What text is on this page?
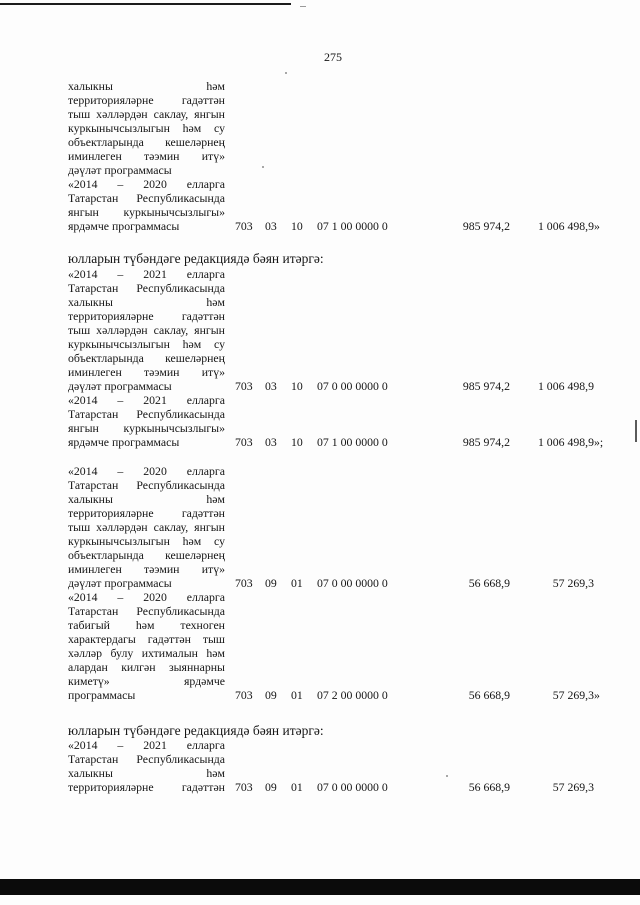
275
халыкны һәм
территорияләрне гадәттән
тыш хәлләрдән саклау, янгын
куркынычсызлыгын һәм су
объектларында кешеләрнең
иминлеген тәэмин итү»
дәүләт программасы
«2014 – 2020 елларга
Татарстан Республикасында
янгын куркынычсызлыгы»
ярдәмче программасы	703 03 10 07 1 00 0000 0	985 974,2	1 006 498,9 »
юлларын түбәндәге редакциядә бәян итәргә:
«2014 – 2021 елларга
Татарстан Республикасында
халыкны һәм
территорияләрне гадәттән
тыш хәлләрдән саклау, янгын
куркынычсызлыгын һәм су
объектларында кешеләрнең
иминлеген тәэмин итү»
дәүләт программасы	703 03 10 07 0 00 0000 0	985 974,2	1 006 498,9
«2014 – 2021 елларга
Татарстан Республикасында
янгын куркынычсызлыгы»
ярдәмче программасы	703 03 10 07 1 00 0000 0	985 974,2	1 006 498,9 »;
«2014 – 2020 елларга
Татарстан Республикасында
халыкны һәм
территорияләрне гадәттән
тыш хәлләрдән саклау, янгын
куркынычсызлыгын һәм су
объектларында кешеләрнең
иминлеген тәэмин итү»
дәүләт программасы	703 09 01 07 0 00 0000 0	56 668,9	57 269,3
«2014 – 2020 елларга
Татарстан Республикасында
табигый һәм техноген
характердагы гадәттән тыш
хәлләр булу ихтималын һәм
алардан килгән зыяннарны
киметү» ярдәмче
программасы	703 09 01 07 2 00 0000 0	56 668,9	57 269,3 »
юлларын түбәндәге редакциядә бәян итәргә:
«2014 – 2021 елларга
Татарстан Республикасында
халыкны һәм
территорияләрне гадәттән 703 09 01 07 0 00 0000 0	56 668,9	57 269,3
